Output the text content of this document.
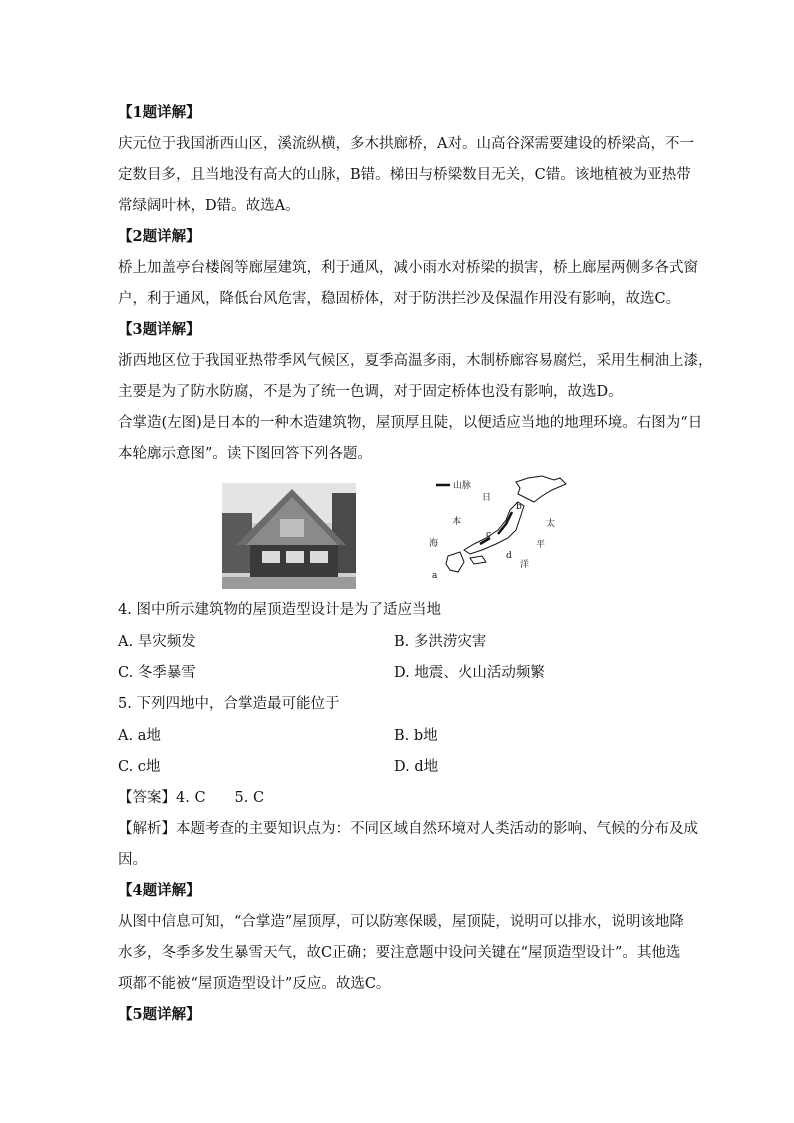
【1题详解】
庆元位于我国浙西山区，溪流纵横，多木拱廊桥，A对。山高谷深需要建设的桥梁高，不一
定数目多，且当地没有高大的山脉，B错。梯田与桥梁数目无关，C错。该地植被为亚热带
常绿阔叶林，D错。故选A。
【2题详解】
桥上加盖亭台楼阁等廊屋建筑，利于通风，减小雨水对桥梁的损害，桥上廊屋两侧多各式窗
户，利于通风，降低台风危害，稳固桥体，对于防洪拦沙及保温作用没有影响，故选C。
【3题详解】
浙西地区位于我国亚热带季风气候区，夏季高温多雨，木制桥廊容易腐烂，采用生桐油上漆，
主要是为了防水防腐，不是为了统一色调，对于固定桥体也没有影响，故选D。
合掌造(左图)是日本的一种木造建筑物，屋顶厚且陡，以便适应当地的地理环境。右图为“日
本轮廓示意图”。读下图回答下列各题。
山脉
日
本
海
太
平
洋
b
c
d
a
4. 图中所示建筑物的屋顶造型设计是为了适应当地
A. 旱灾频发	B. 多洪涝灾害
C. 冬季暴雪	D. 地震、火山活动频繁
5. 下列四地中，合掌造最可能位于
A. a地	B. b地
C. c地	D. d地
【答案】4. C　　5. C
【解析】本题考查的主要知识点为：不同区域自然环境对人类活动的影响、气候的分布及成
因。
【4题详解】
从图中信息可知，“合掌造”屋顶厚，可以防寒保暖，屋顶陡，说明可以排水，说明该地降
水多，冬季多发生暴雪天气，故C正确；要注意题中设问关键在“屋顶造型设计”。其他选
项都不能被“屋顶造型设计”反应。故选C。
【5题详解】
